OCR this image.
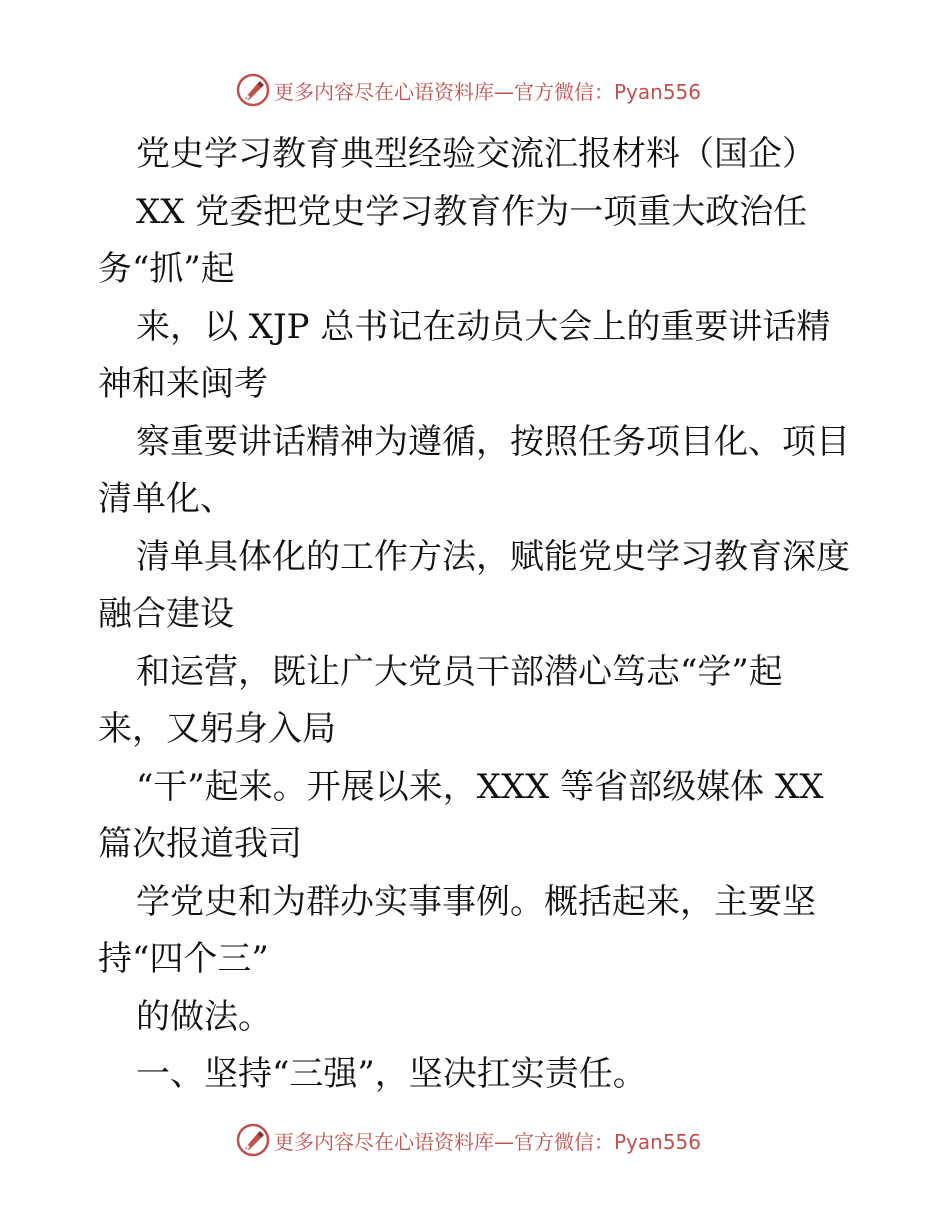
更多内容尽在心语资料库—官方微信：Pyan556

党史学习教育典型经验交流汇报材料（国企）

XX 党委把党史学习教育作为一项重大政治任

务“抓”起

来，以 XJP 总书记在动员大会上的重要讲话精

神和来闽考

察重要讲话精神为遵循，按照任务项目化、项目

清单化、

清单具体化的工作方法，赋能党史学习教育深度

融合建设

和运营，既让广大党员干部潜心笃志“学”起

来，又躬身入局

“干”起来。开展以来，XXX 等省部级媒体 XX

篇次报道我司

学党史和为群办实事事例。概括起来，主要坚

持“四个三”

的做法。

一、坚持“三强”，坚决扛实责任。

更多内容尽在心语资料库—官方微信：Pyan556
